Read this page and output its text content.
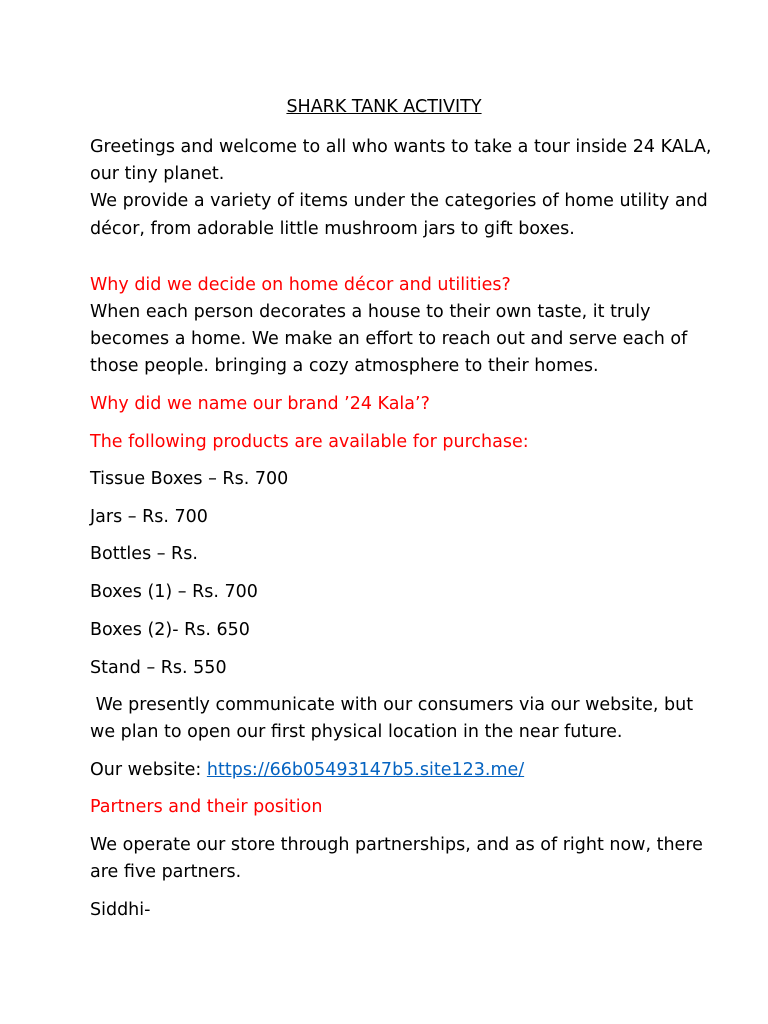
SHARK TANK ACTIVITY

Greetings and welcome to all who wants to take a tour inside 24 KALA,

our tiny planet.

We provide a variety of items under the categories of home utility and

décor, from adorable little mushroom jars to gift boxes.

Why did we decide on home décor and utilities?

When each person decorates a house to their own taste, it truly

becomes a home. We make an effort to reach out and serve each of

those people. bringing a cozy atmosphere to their homes.

Why did we name our brand ’24 Kala’?

The following products are available for purchase:

Tissue Boxes – Rs. 700

Jars – Rs. 700

Bottles – Rs.

Boxes (1) – Rs. 700

Boxes (2)- Rs. 650

Stand – Rs. 550

We presently communicate with our consumers via our website, but

we plan to open our first physical location in the near future.

Our website: https://66b05493147b5.site123.me/

Partners and their position

We operate our store through partnerships, and as of right now, there

are five partners.

Siddhi-
